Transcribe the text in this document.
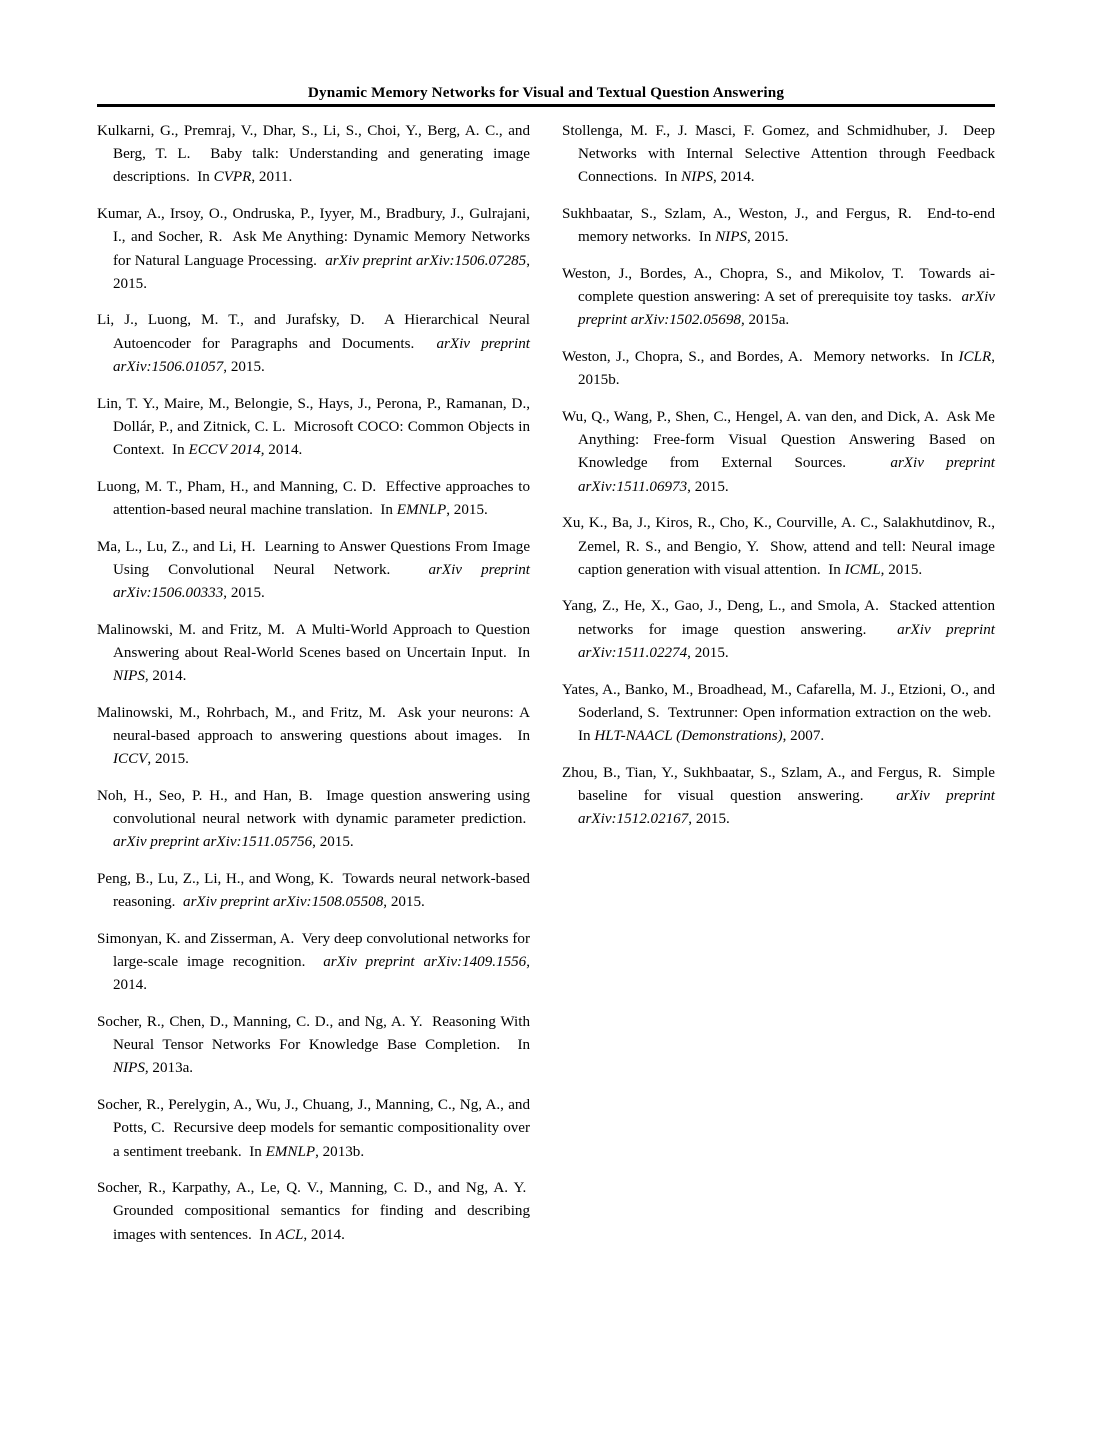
Dynamic Memory Networks for Visual and Textual Question Answering

Kulkarni, G., Premraj, V., Dhar, S., Li, S., Choi, Y., Berg, A. C., and Berg, T. L. Baby talk: Understanding and generating image descriptions. In CVPR, 2011.

Kumar, A., Irsoy, O., Ondruska, P., Iyyer, M., Bradbury, J., Gulrajani, I., and Socher, R. Ask Me Anything: Dynamic Memory Networks for Natural Language Processing. arXiv preprint arXiv:1506.07285, 2015.

Li, J., Luong, M. T., and Jurafsky, D. A Hierarchical Neural Autoencoder for Paragraphs and Documents. arXiv preprint arXiv:1506.01057, 2015.

Lin, T. Y., Maire, M., Belongie, S., Hays, J., Perona, P., Ramanan, D., Dollár, P., and Zitnick, C. L. Microsoft COCO: Common Objects in Context. In ECCV 2014, 2014.

Luong, M. T., Pham, H., and Manning, C. D. Effective approaches to attention-based neural machine translation. In EMNLP, 2015.

Ma, L., Lu, Z., and Li, H. Learning to Answer Questions From Image Using Convolutional Neural Network.	arXiv preprint arXiv:1506.00333, 2015.

Malinowski, M. and Fritz, M. A Multi-World Approach to Question Answering about Real-World Scenes based on Uncertain Input. In NIPS, 2014.

Malinowski, M., Rohrbach, M., and Fritz, M. Ask your neurons: A neural-based approach to answering questions about images. In ICCV, 2015.

Noh, H., Seo, P. H., and Han, B. Image question answering using convolutional neural network with dynamic parameter prediction.  arXiv preprint arXiv:1511.05756, 2015.

Peng, B., Lu, Z., Li, H., and Wong, K. Towards neural network-based reasoning. arXiv preprint arXiv:1508.05508, 2015.

Simonyan, K. and Zisserman, A. Very deep convolutional networks for large-scale image recognition. arXiv preprint arXiv:1409.1556, 2014.

Socher, R., Chen, D., Manning, C. D., and Ng, A. Y. Reasoning With Neural Tensor Networks For Knowledge Base Completion. In NIPS, 2013a.

Socher, R., Perelygin, A., Wu, J., Chuang, J., Manning, C., Ng, A., and Potts, C. Recursive deep models for semantic compositionality over a sentiment treebank. In EMNLP, 2013b.

Socher, R., Karpathy, A., Le, Q. V., Manning, C. D., and Ng, A. Y.  Grounded compositional semantics for finding and describing images with sentences. In ACL, 2014.

Stollenga, M. F., J. Masci, F. Gomez, and Schmidhuber, J. Deep Networks with Internal Selective Attention through Feedback Connections. In NIPS, 2014.

Sukhbaatar, S., Szlam, A., Weston, J., and Fergus, R. End-to-end memory networks. In NIPS, 2015.

Weston, J., Bordes, A., Chopra, S., and Mikolov, T. Towards ai-complete question answering: A set of prerequisite toy tasks. arXiv preprint arXiv:1502.05698, 2015a.

Weston, J., Chopra, S., and Bordes, A. Memory networks. In ICLR, 2015b.

Wu, Q., Wang, P., Shen, C., Hengel, A. van den, and Dick, A. Ask Me Anything: Free-form Visual Question Answering Based on Knowledge from External Sources.	arXiv preprint arXiv:1511.06973, 2015.

Xu, K., Ba, J., Kiros, R., Cho, K., Courville, A. C., Salakhutdinov, R., Zemel, R. S., and Bengio, Y. Show, attend and tell: Neural image caption generation with visual attention. In ICML, 2015.

Yang, Z., He, X., Gao, J., Deng, L., and Smola, A. Stacked attention networks for image question answering. arXiv preprint arXiv:1511.02274, 2015.

Yates, A., Banko, M., Broadhead, M., Cafarella, M. J., Etzioni, O., and Soderland, S. Textrunner: Open information extraction on the web.  In HLT-NAACL (Demonstrations), 2007.

Zhou, B., Tian, Y., Sukhbaatar, S., Szlam, A., and Fergus, R. Simple baseline for visual question answering. arXiv preprint arXiv:1512.02167, 2015.
